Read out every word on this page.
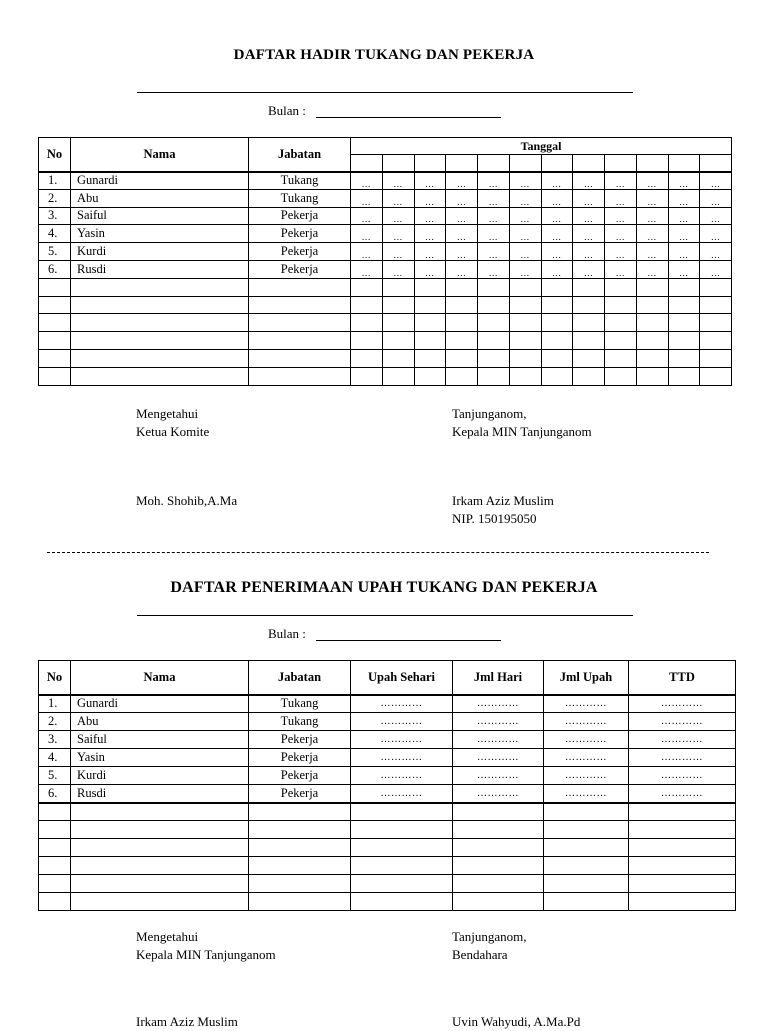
DAFTAR HADIR TUKANG DAN PEKERJA
Bulan :
No	Nama	Jabatan	Tanggal											

1.	Gunardi	Tukang	…	…	…	…	…	…	…	…	…	…	…	…
2.	Abu	Tukang	…	…	…	…	…	…	…	…	…	…	…	…
3.	Saiful	Pekerja	…	…	…	…	…	…	…	…	…	…	…	…
4.	Yasin	Pekerja	…	…	…	…	…	…	…	…	…	…	…	…
5.	Kurdi	Pekerja	…	…	…	…	…	…	…	…	…	…	…	…
6.	Rusdi	Pekerja	…	…	…	…	…	…	…	…	…	…	…	…

Mengetahui
Ketua Komite
Moh. Shohib,A.Ma
Tanjunganom,
Kepala MIN Tanjunganom
Irkam Aziz Muslim
NIP. 150195050
DAFTAR PENERIMAAN UPAH TUKANG DAN PEKERJA
Bulan :
No	Nama	Jabatan	Upah Sehari	Jml Hari	Jml Upah	TTD
1.	Gunardi	Tukang	…………	…………	…………	…………
2.	Abu	Tukang	…………	…………	…………	…………
3.	Saiful	Pekerja	…………	…………	…………	…………
4.	Yasin	Pekerja	…………	…………	…………	…………
5.	Kurdi	Pekerja	…………	…………	…………	…………
6.	Rusdi	Pekerja	…………	…………	…………	…………

Mengetahui
Kepala MIN Tanjunganom
Irkam Aziz Muslim
Tanjunganom,
Bendahara
Uvin Wahyudi, A.Ma.Pd
